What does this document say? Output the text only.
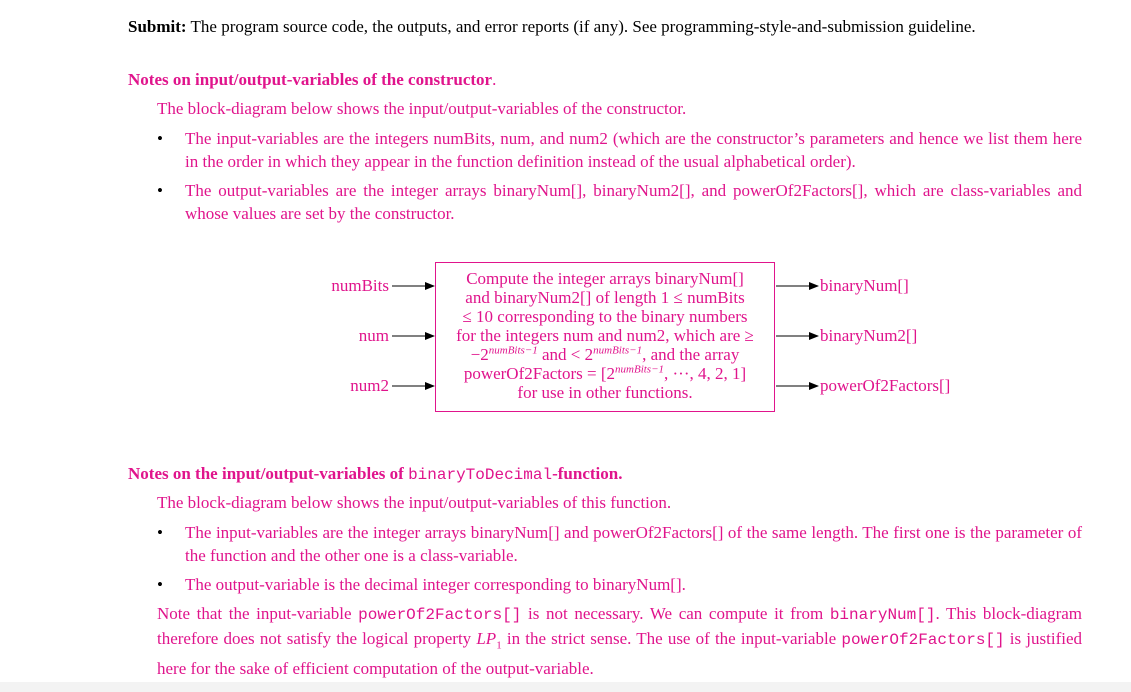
Submit: The program source code, the outputs, and error reports (if any). See programming-style-and-submission guideline.
Notes on input/output-variables of the constructor.
The block-diagram below shows the input/output-variables of the constructor.
• The input-variables are the integers numBits, num, and num2 (which are the constructor’s parameters and hence we list them here in the order in which they appear in the function definition instead of the usual alphabetical order).
• The output-variables are the integer arrays binaryNum[], binaryNum2[], and powerOf2Factors[], which are class-variables and whose values are set by the constructor.
numBits
num
num2
binaryNum[]
binaryNum2[]
powerOf2Factors[]
Compute the integer arrays binaryNum[]
and binaryNum2[] of length 1 ≤ numBits
≤ 10 corresponding to the binary numbers
for the integers num and num2, which are ≥
$-2^{numBits-1}$ and < $2^{numBits-1}$, and the array
powerOf2Factors = [$2^{numBits-1}$, ···, 4, 2, 1]
for use in other functions.
Notes on the input/output-variables of binaryToDecimal-function.
The block-diagram below shows the input/output-variables of this function.
• The input-variables are the integer arrays binaryNum[] and powerOf2Factors[] of the same length. The first one is the parameter of the function and the other one is a class-variable.
• The output-variable is the decimal integer corresponding to binaryNum[].
Note that the input-variable powerOf2Factors[] is not necessary. We can compute it from binaryNum[]. This block-diagram therefore does not satisfy the logical property $LP_1$ in the strict sense. The use of the input-variable powerOf2Factors[] is justified here for the sake of efficient computation of the output-variable.
